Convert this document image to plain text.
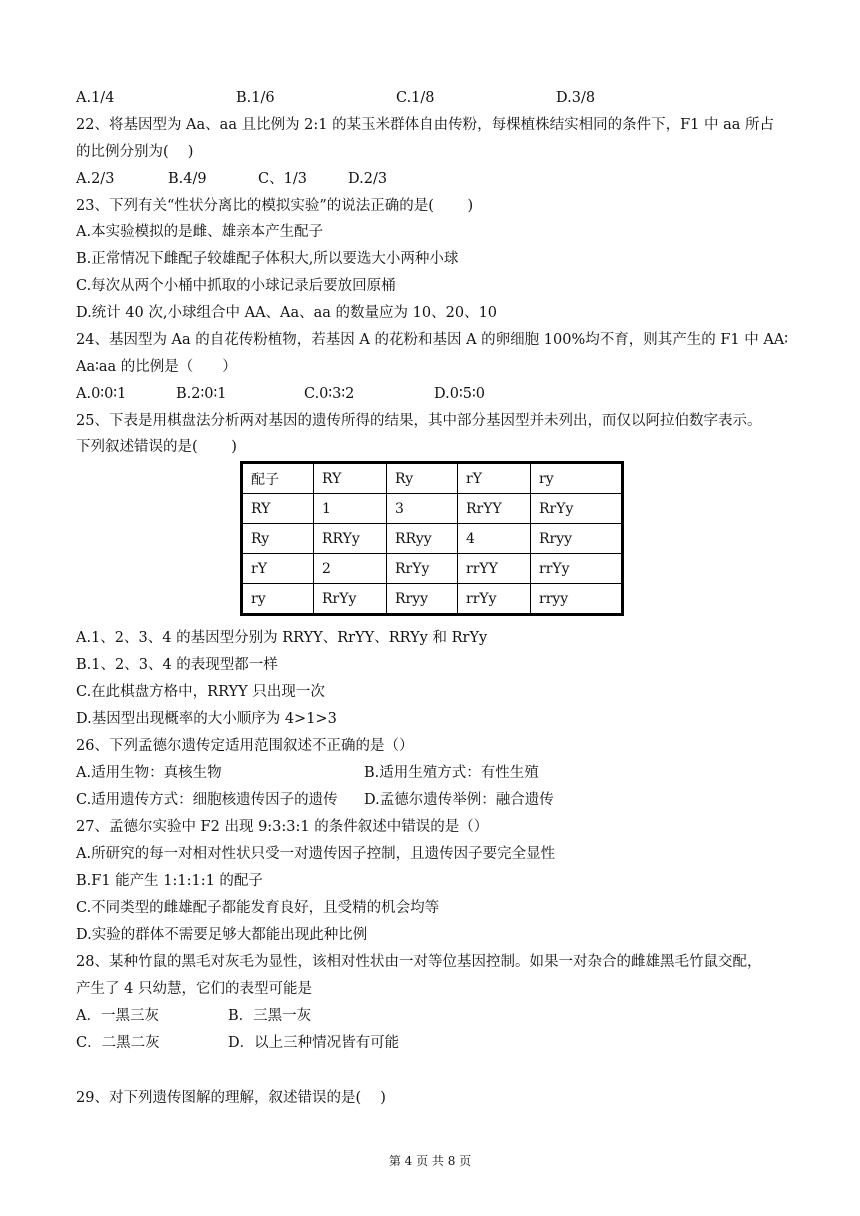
A.1/4	B.1/6	C.1/8	D.3/8
22、将基因型为 Aa、aa 且比例为 2:1 的某玉米群体自由传粉，每棵植株结实相同的条件下，F1 中 aa 所占
的比例分别为(　 )
A.2/3	B.4/9	C、1/3	D.2/3
23、下列有关“性状分离比的模拟实验”的说法正确的是(　　 )
A.本实验模拟的是雌、雄亲本产生配子
B.正常情况下雌配子较雄配子体积大,所以要选大小两种小球
C.每次从两个小桶中抓取的小球记录后要放回原桶
D.统计 40 次,小球组合中 AA、Aa、aa 的数量应为 10、20、10
24、基因型为 Aa 的自花传粉植物，若基因 A 的花粉和基因 A 的卵细胞 100%均不育，则其产生的 F1 中 AA∶
Aa∶aa 的比例是（　　）
A.0∶0∶1	B.2∶0∶1	C.0∶3∶2	D.0∶5∶0
25、下表是用棋盘法分析两对基因的遗传所得的结果，其中部分基因型并未列出，而仅以阿拉伯数字表示。
下列叙述错误的是(　　 )
配子	RY	Ry	rY	ry
RY	1	3	RrYY	RrYy
Ry	RRYy	RRyy	4	Rryy
rY	2	RrYy	rrYY	rrYy
ry	RrYy	Rryy	rrYy	rryy
A.1、2、3、4 的基因型分别为 RRYY、RrYY、RRYy 和 RrYy
B.1、2、3、4 的表现型都一样
C.在此棋盘方格中，RRYY 只出现一次
D.基因型出现概率的大小顺序为 4>1>3
26、下列孟德尔遗传定适用范围叙述不正确的是（）
A.适用生物：真核生物	B.适用生殖方式：有性生殖
C.适用遗传方式：细胞核遗传因子的遗传 D.孟德尔遗传举例：融合遗传
27、孟德尔实验中 F2 出现 9:3:3:1 的条件叙述中错误的是（）
A.所研究的每一对相对性状只受一对遗传因子控制，且遗传因子要完全显性
B.F1 能产生 1:1:1:1 的配子
C.不同类型的雌雄配子都能发育良好，且受精的机会均等
D.实验的群体不需要足够大都能出现此种比例
28、某种竹鼠的黑毛对灰毛为显性，该相对性状由一对等位基因控制。如果一对杂合的雌雄黑毛竹鼠交配，
产生了 4 只幼慧，它们的表型可能是
A．一黑三灰	B．三黑一灰
C．二黑二灰	D．以上三种情况皆有可能
29、对下列遗传图解的理解，叙述错误的是(　 )
第 4 页 共 8 页
